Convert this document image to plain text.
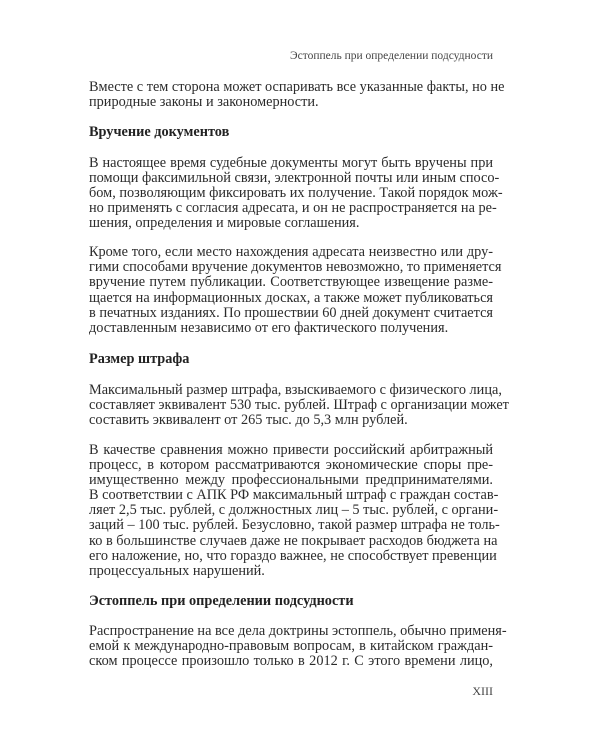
Эстоппель при определении подсудности
Вместе с тем сторона может оспаривать все указанные факты, но не
природные законы и закономерности.
Вручение документов
В настоящее время судебные документы могут быть вручены при
помощи факсимильной связи, электронной почты или иным спосо-
бом, позволяющим фиксировать их получение. Такой порядок мож-
но применять с согласия адресата, и он не распространяется на ре-
шения, определения и мировые соглашения.
Кроме того, если место нахождения адресата неизвестно или дру-
гими способами вручение документов невозможно, то применяется
вручение путем публикации. Соответствующее извещение разме-
щается на информационных досках, а также может публиковаться
в печатных изданиях. По прошествии 60 дней документ считается
доставленным независимо от его фактического получения.
Размер штрафа
Максимальный размер штрафа, взыскиваемого с физического лица,
составляет эквивалент 530 тыс. рублей. Штраф с организации может
составить эквивалент от 265 тыс. до 5,3 млн рублей.
В качестве сравнения можно привести российский арбитражный
процесс, в котором рассматриваются экономические споры пре-
имущественно между профессиональными предпринимателями.
В соответствии с АПК РФ максимальный штраф с граждан состав-
ляет 2,5 тыс. рублей, с должностных лиц – 5 тыс. рублей, с органи-
заций – 100 тыс. рублей. Безусловно, такой размер штрафа не толь-
ко в большинстве случаев даже не покрывает расходов бюджета на
его наложение, но, что гораздо важнее, не способствует превенции
процессуальных нарушений.
Эстоппель при определении подсудности
Распространение на все дела доктрины эстоппель, обычно применя-
емой к международно-правовым вопросам, в китайском граждан-
ском процессе произошло только в 2012 г. С этого времени лицо,
XIII
